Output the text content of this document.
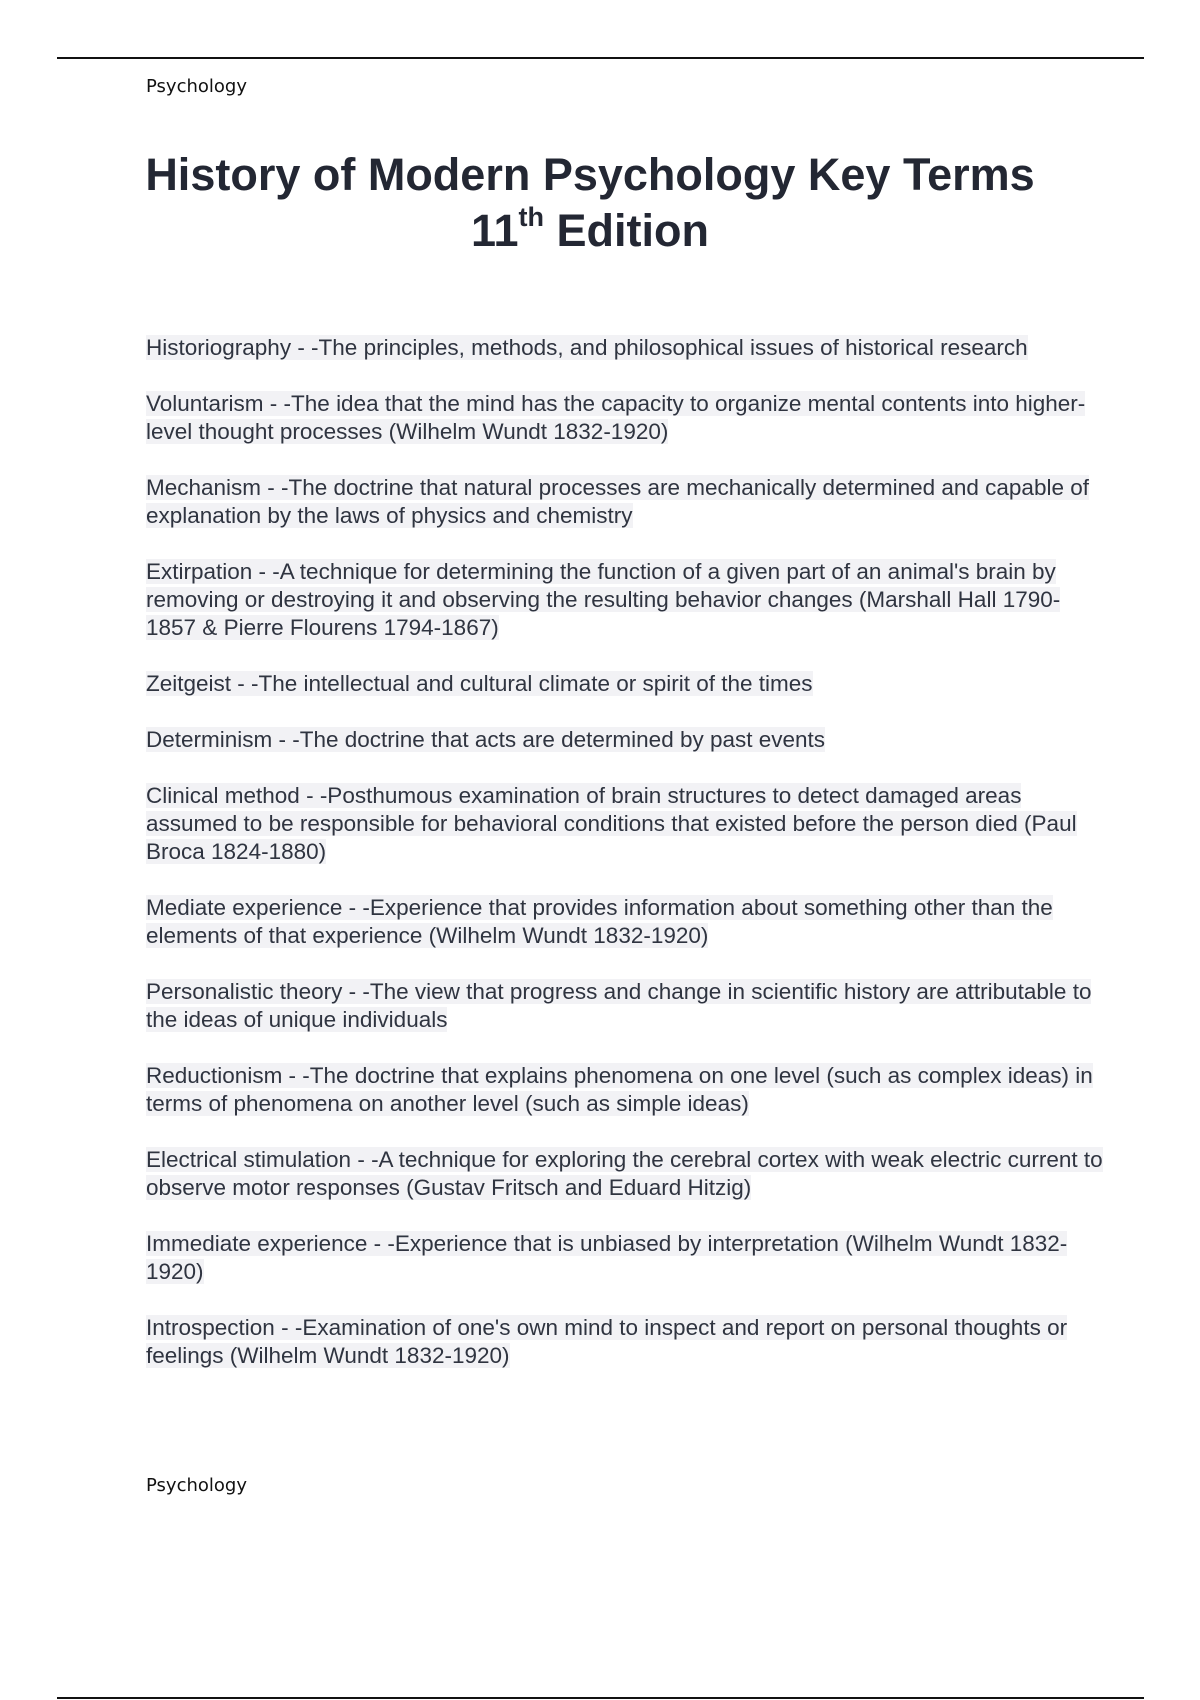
Psychology
History of Modern Psychology Key Terms 11th Edition
Historiography - -The principles, methods, and philosophical issues of historical research
Voluntarism - -The idea that the mind has the capacity to organize mental contents into higher-level thought processes (Wilhelm Wundt 1832-1920)
Mechanism - -The doctrine that natural processes are mechanically determined and capable of explanation by the laws of physics and chemistry
Extirpation - -A technique for determining the function of a given part of an animal's brain by removing or destroying it and observing the resulting behavior changes (Marshall Hall 1790-1857 & Pierre Flourens 1794-1867)
Zeitgeist - -The intellectual and cultural climate or spirit of the times
Determinism - -The doctrine that acts are determined by past events
Clinical method - -Posthumous examination of brain structures to detect damaged areas assumed to be responsible for behavioral conditions that existed before the person died (Paul Broca 1824-1880)
Mediate experience - -Experience that provides information about something other than the elements of that experience (Wilhelm Wundt 1832-1920)
Personalistic theory - -The view that progress and change in scientific history are attributable to the ideas of unique individuals
Reductionism - -The doctrine that explains phenomena on one level (such as complex ideas) in terms of phenomena on another level (such as simple ideas)
Electrical stimulation - -A technique for exploring the cerebral cortex with weak electric current to observe motor responses (Gustav Fritsch and Eduard Hitzig)
Immediate experience - -Experience that is unbiased by interpretation (Wilhelm Wundt 1832-1920)
Introspection - -Examination of one's own mind to inspect and report on personal thoughts or feelings (Wilhelm Wundt 1832-1920)
Psychology
